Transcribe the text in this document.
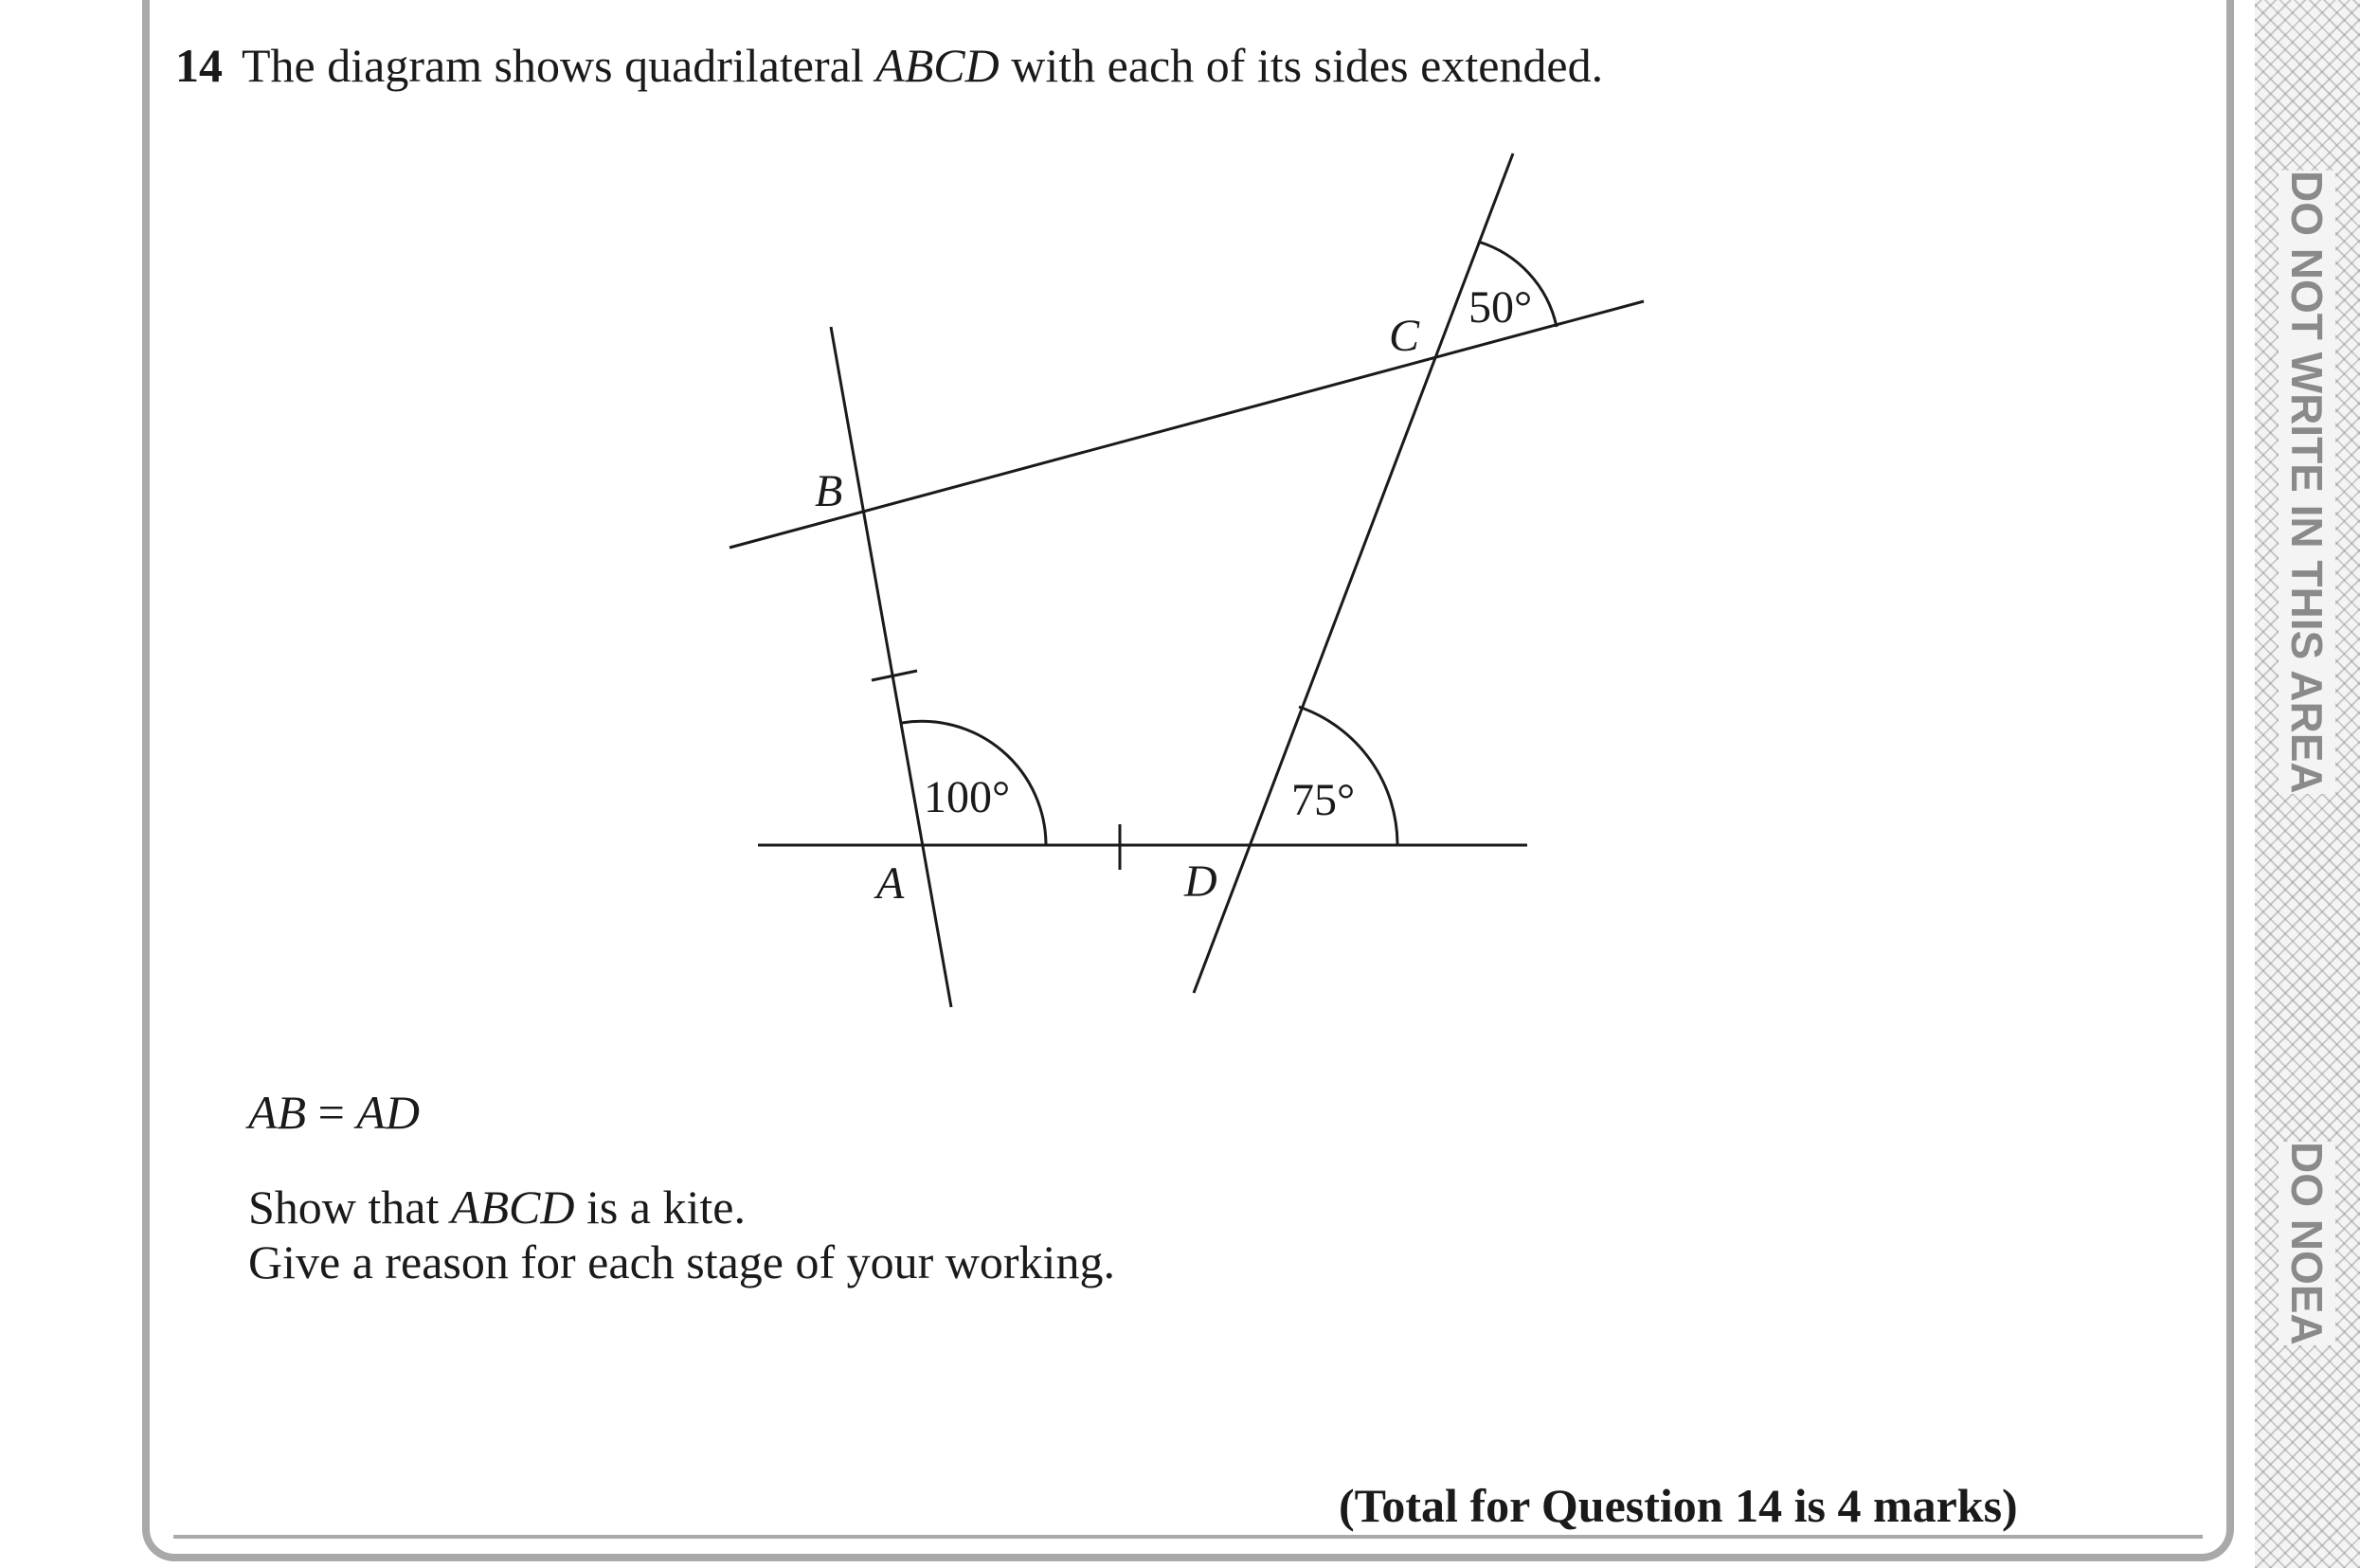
14 The diagram shows quadrilateral ABCD with each of its sides extended.
B
C
A	D
100°	75°
50°
AB = AD
Show that ABCD is a kite.
Give a reason for each stage of your working.
(Total for Question 14 is 4 marks)
DO NOT WRITE IN THIS AREA
DO NOEA
